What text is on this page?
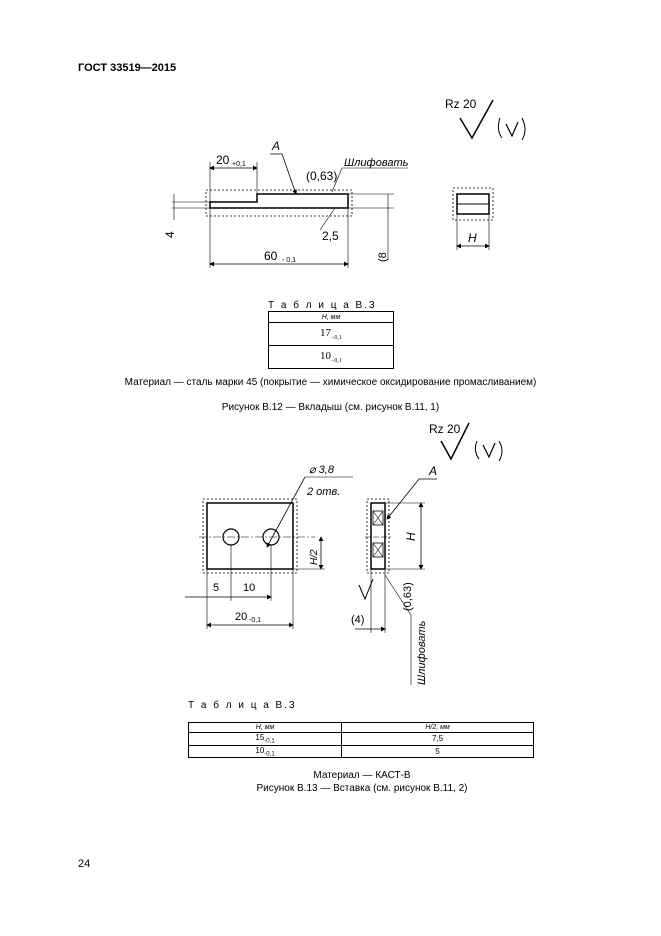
ГОСТ 33519—2015
Rz 20
20 +0,1
A
(0,63)
Шлифовать
4	2,5
60 - 0,1	(8
H
Т а б л и ц а В.3
H, мм
$17_{-0,1}$
$10_{-0,1}$
Материал — сталь марки 45 (покрытие — химическое оксидирование промасливанием)
Рисунок В.12 — Вкладыш (см. рисунок В.11, 1)
Rz 20
⌀ 3,8
2 отв.
H/2
5 10
20 -0,1
A
H
(4)
(0,63)
Шлифовать
Т а б л и ц а В.3
H, мм	H/2, мм
$15_{-0,1}$	7,5
$10_{-0,1}$	5
Материал — КАСТ-В
Рисунок В.13 — Вставка (см. рисунок В.11, 2)
24
